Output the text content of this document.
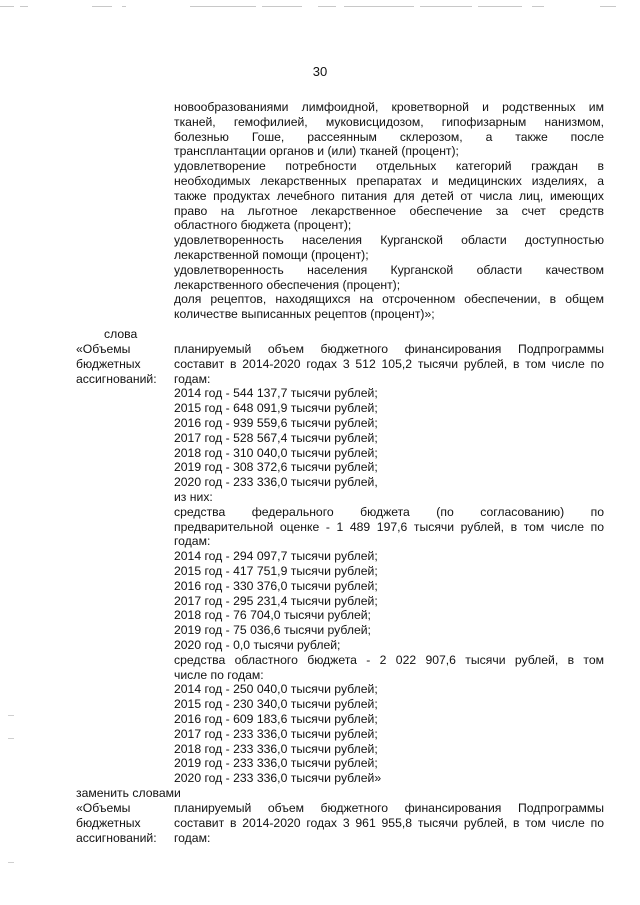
30

новообразованиями лимфоидной, кроветворной и родственных им

тканей, гемофилией, муковисцидозом, гипофизарным нанизмом,

болезнью Гоше, рассеянным склерозом, а также после

трансплантации органов и (или) тканей (процент);

удовлетворение потребности отдельных категорий граждан в

необходимых лекарственных препаратах и медицинских изделиях, а

также продуктах лечебного питания для детей от числа лиц, имеющих

право на льготное лекарственное обеспечение за счет средств

областного бюджета (процент);

удовлетворенность населения Курганской области доступностью

лекарственной помощи (процент);

удовлетворенность населения Курганской области качеством

лекарственного обеспечения (процент);

доля рецептов, находящихся на отсроченном обеспечении, в общем

количестве выписанных рецептов (процент)»;

слова
«Объемы
бюджетных
ассигнований:

планируемый объем бюджетного финансирования Подпрограммы

составит в 2014-2020 годах 3 512 105,2 тысячи рублей, в том числе по

годам:

2014 год - 544 137,7 тысячи рублей;

2015 год - 648 091,9 тысячи рублей;

2016 год - 939 559,6 тысячи рублей;

2017 год - 528 567,4 тысячи рублей;

2018 год - 310 040,0 тысячи рублей;

2019 год - 308 372,6 тысячи рублей;

2020 год - 233 336,0 тысячи рублей,

из них:

средства федерального бюджета (по согласованию) по

предварительной оценке - 1 489 197,6 тысячи рублей, в том числе по

годам:

2014 год - 294 097,7 тысячи рублей;

2015 год - 417 751,9 тысячи рублей;

2016 год - 330 376,0 тысячи рублей;

2017 год - 295 231,4 тысячи рублей;

2018 год - 76 704,0 тысячи рублей;

2019 год - 75 036,6 тысячи рублей;

2020 год - 0,0 тысячи рублей;

средства областного бюджета - 2 022 907,6 тысячи рублей, в том

числе по годам:

2014 год - 250 040,0 тысячи рублей;

2015 год - 230 340,0 тысячи рублей;

2016 год - 609 183,6 тысячи рублей;

2017 год - 233 336,0 тысячи рублей;

2018 год - 233 336,0 тысячи рублей;

2019 год - 233 336,0 тысячи рублей;

2020 год - 233 336,0 тысячи рублей»

заменить словами
«Объемы
бюджетных
ассигнований:

планируемый объем бюджетного финансирования Подпрограммы

составит в 2014-2020 годах 3 961 955,8 тысячи рублей, в том числе по

годам:
